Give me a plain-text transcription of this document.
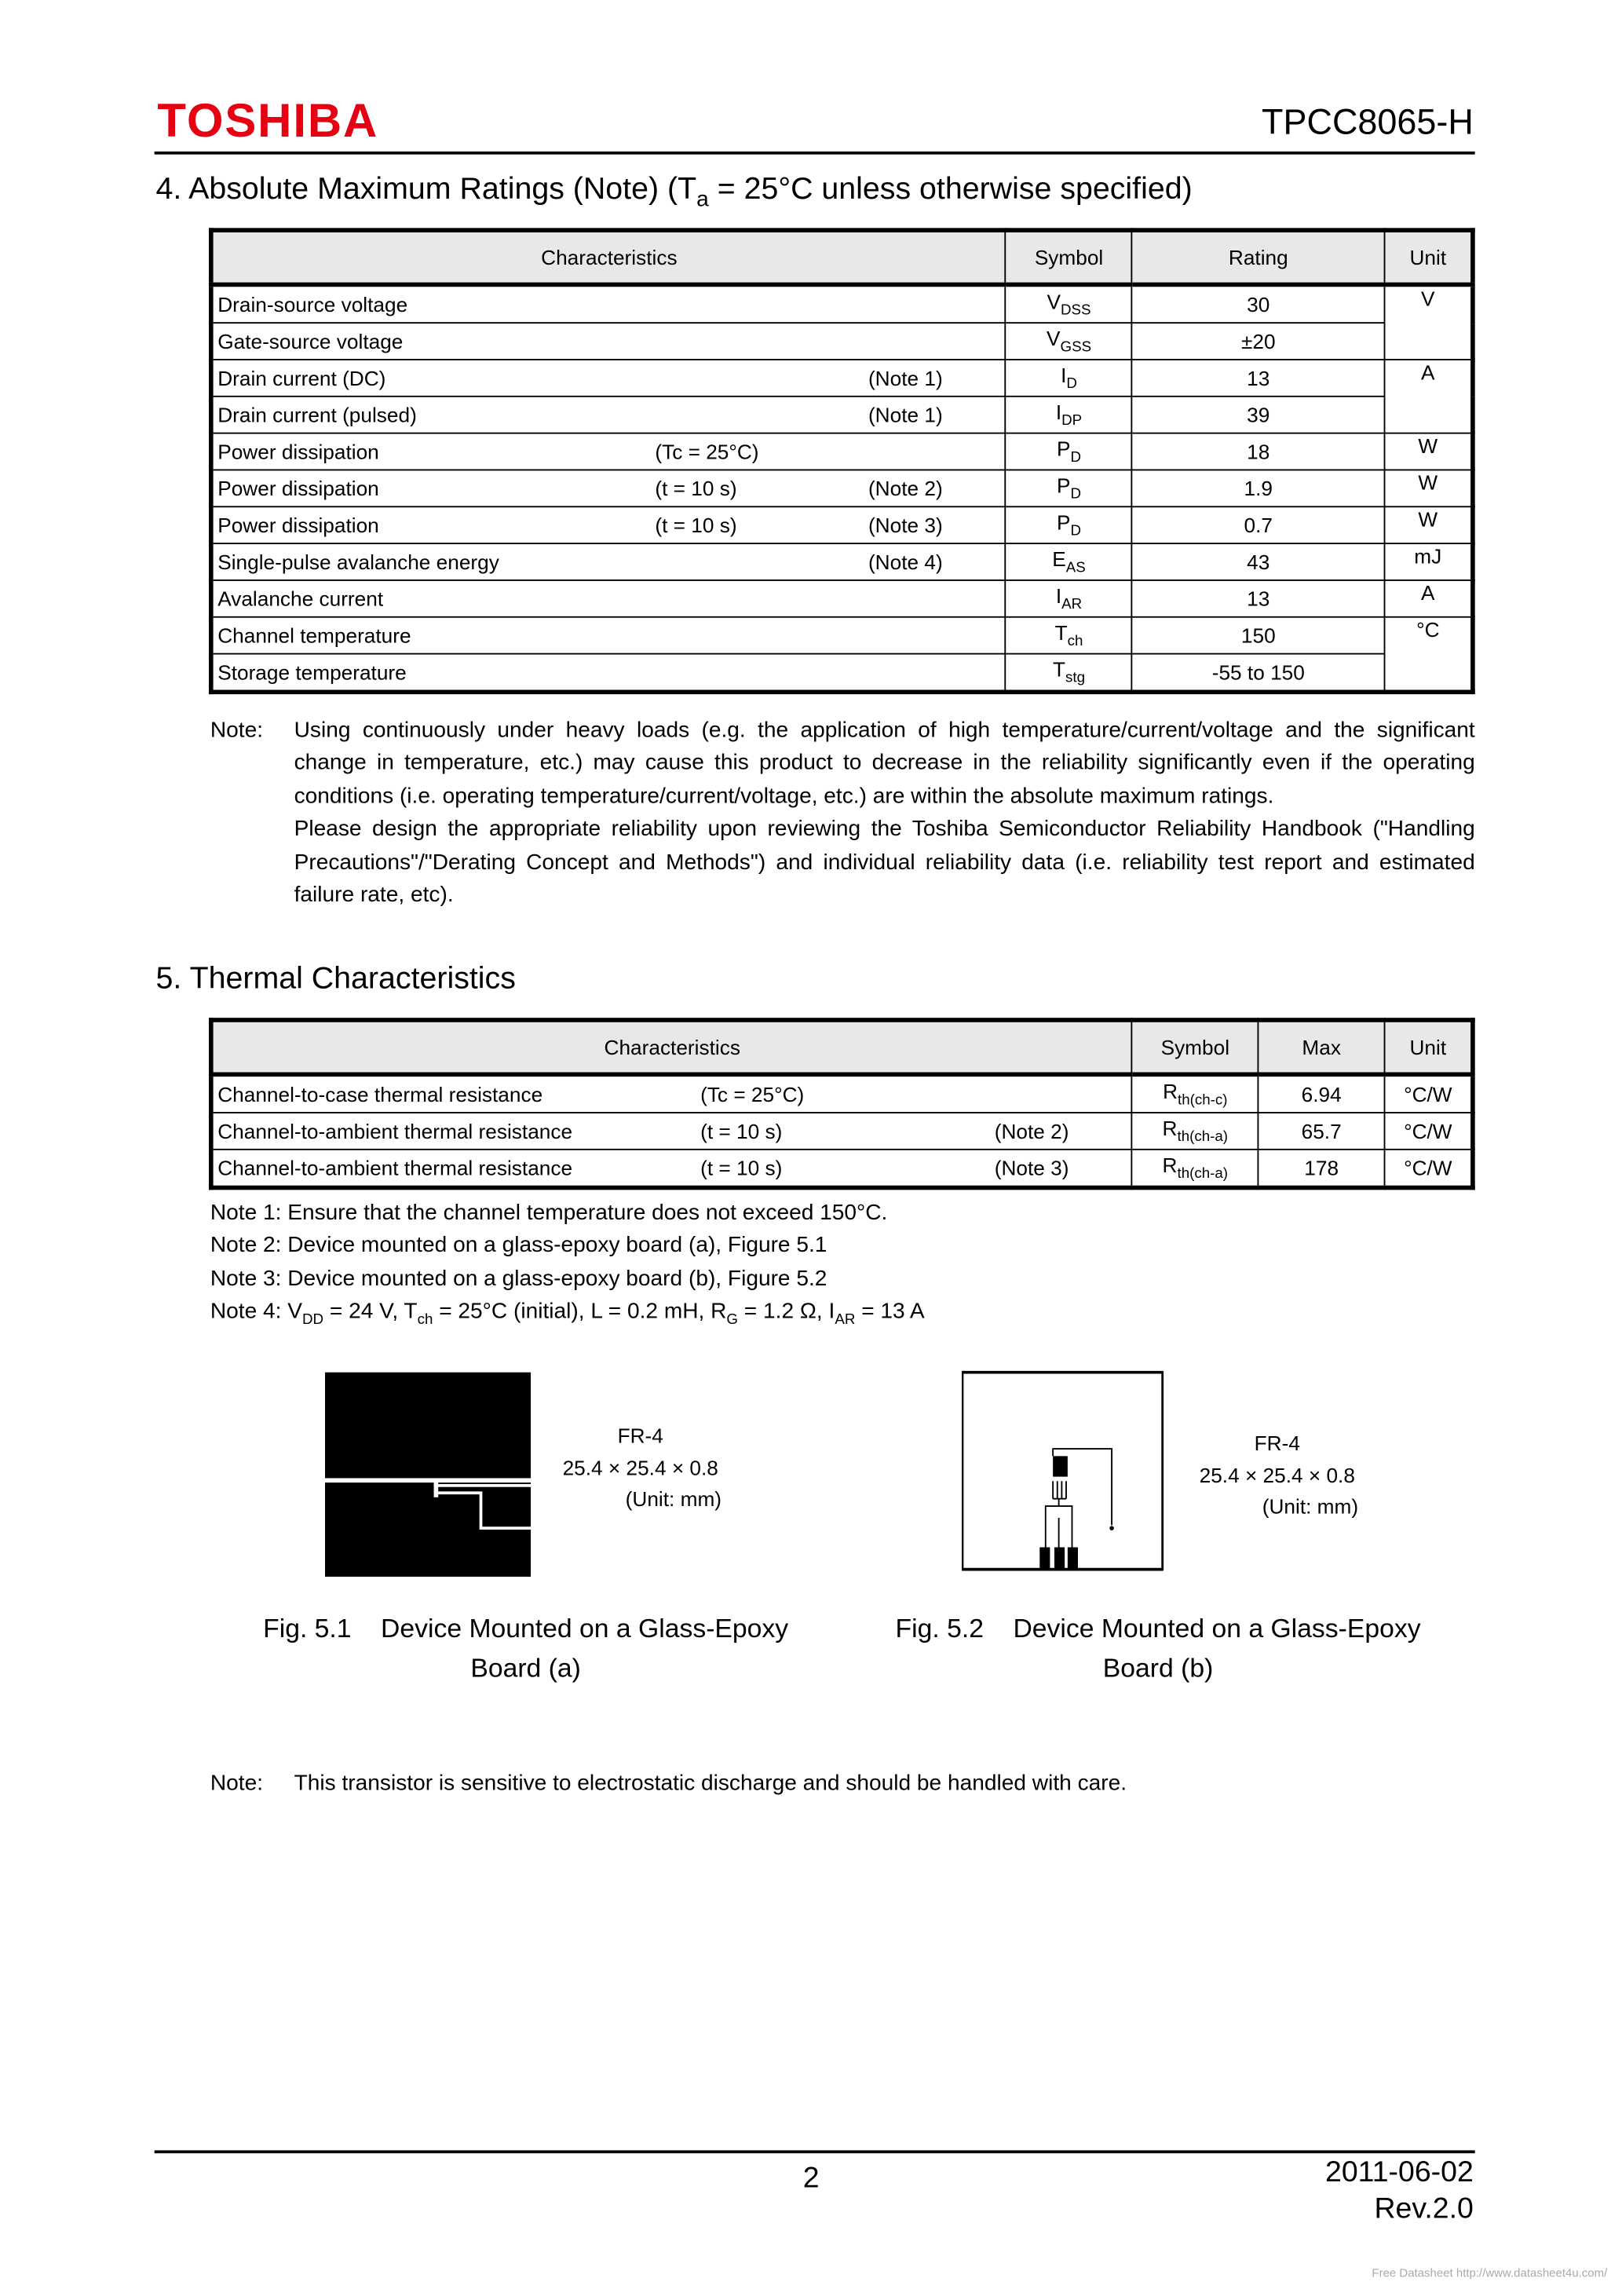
TOSHIBA	TPCC8065-H
4. Absolute Maximum Ratings (Note) ($T_a = 25^\circ C$ unless otherwise specified)
Characteristics	Symbol	Rating	Unit

Drain-source voltage	$V_{DSS}$	30	V

Gate-source voltage	$V_{GSS}$	±20	

Drain current (DC) (Note 1)	$I_D$	13	A

Drain current (pulsed) (Note 1)	$I_{DP}$	39	

Power dissipation (Tc = 25°C)	$P_D$	18	W

Power dissipation (t = 10 s) (Note 2)	$P_D$	1.9	W

Power dissipation (t = 10 s) (Note 3)	$P_D$	0.7	W

Single-pulse avalanche energy (Note 4)	$E_{AS}$	43	mJ

Avalanche current	$I_{AR}$	13	A

Channel temperature	$T_{ch}$	150	°C

Storage temperature	$T_{stg}$	-55 to 150	
Note:	Using continuously under heavy loads (e.g. the application of high temperature/current/voltage and the significant change in temperature, etc.) may cause this product to decrease in the reliability significantly even if the operating conditions (i.e. operating temperature/current/voltage, etc.) are within the absolute maximum ratings.
Please design the appropriate reliability upon reviewing the Toshiba Semiconductor Reliability Handbook ("Handling Precautions"/"Derating Concept and Methods") and individual reliability data (i.e. reliability test report and estimated failure rate, etc).
5. Thermal Characteristics
Characteristics	Symbol	Max	Unit

Channel-to-case thermal resistance (Tc = 25°C)	$R_{th(ch-c)}$	6.94	°C/W

Channel-to-ambient thermal resistance (t = 10 s) (Note 2)	$R_{th(ch-a)}$	65.7	°C/W

Channel-to-ambient thermal resistance (t = 10 s) (Note 3)	$R_{th(ch-a)}$	178	°C/W
Note 1: Ensure that the channel temperature does not exceed 150°C.
Note 2: Device mounted on a glass-epoxy board (a), Figure 5.1
Note 3: Device mounted on a glass-epoxy board (b), Figure 5.2
Note 4: $V_{DD} = 24$ V, $T_{ch} = 25^\circ C$ (initial), L = 0.2 mH, $R_G = 1.2$ Ω, $I_{AR} = 13$ A
FR-4
25.4 × 25.4 × 0.8
(Unit: mm)
Fig. 5.1    Device Mounted on a Glass-Epoxy
Board (a)
FR-4
25.4 × 25.4 × 0.8
(Unit: mm)
Fig. 5.2    Device Mounted on a Glass-Epoxy
Board (b)
Note:	This transistor is sensitive to electrostatic discharge and should be handled with care.
2	2011-06-02
Rev.2.0
Free Datasheet http://www.datasheet4u.com/
